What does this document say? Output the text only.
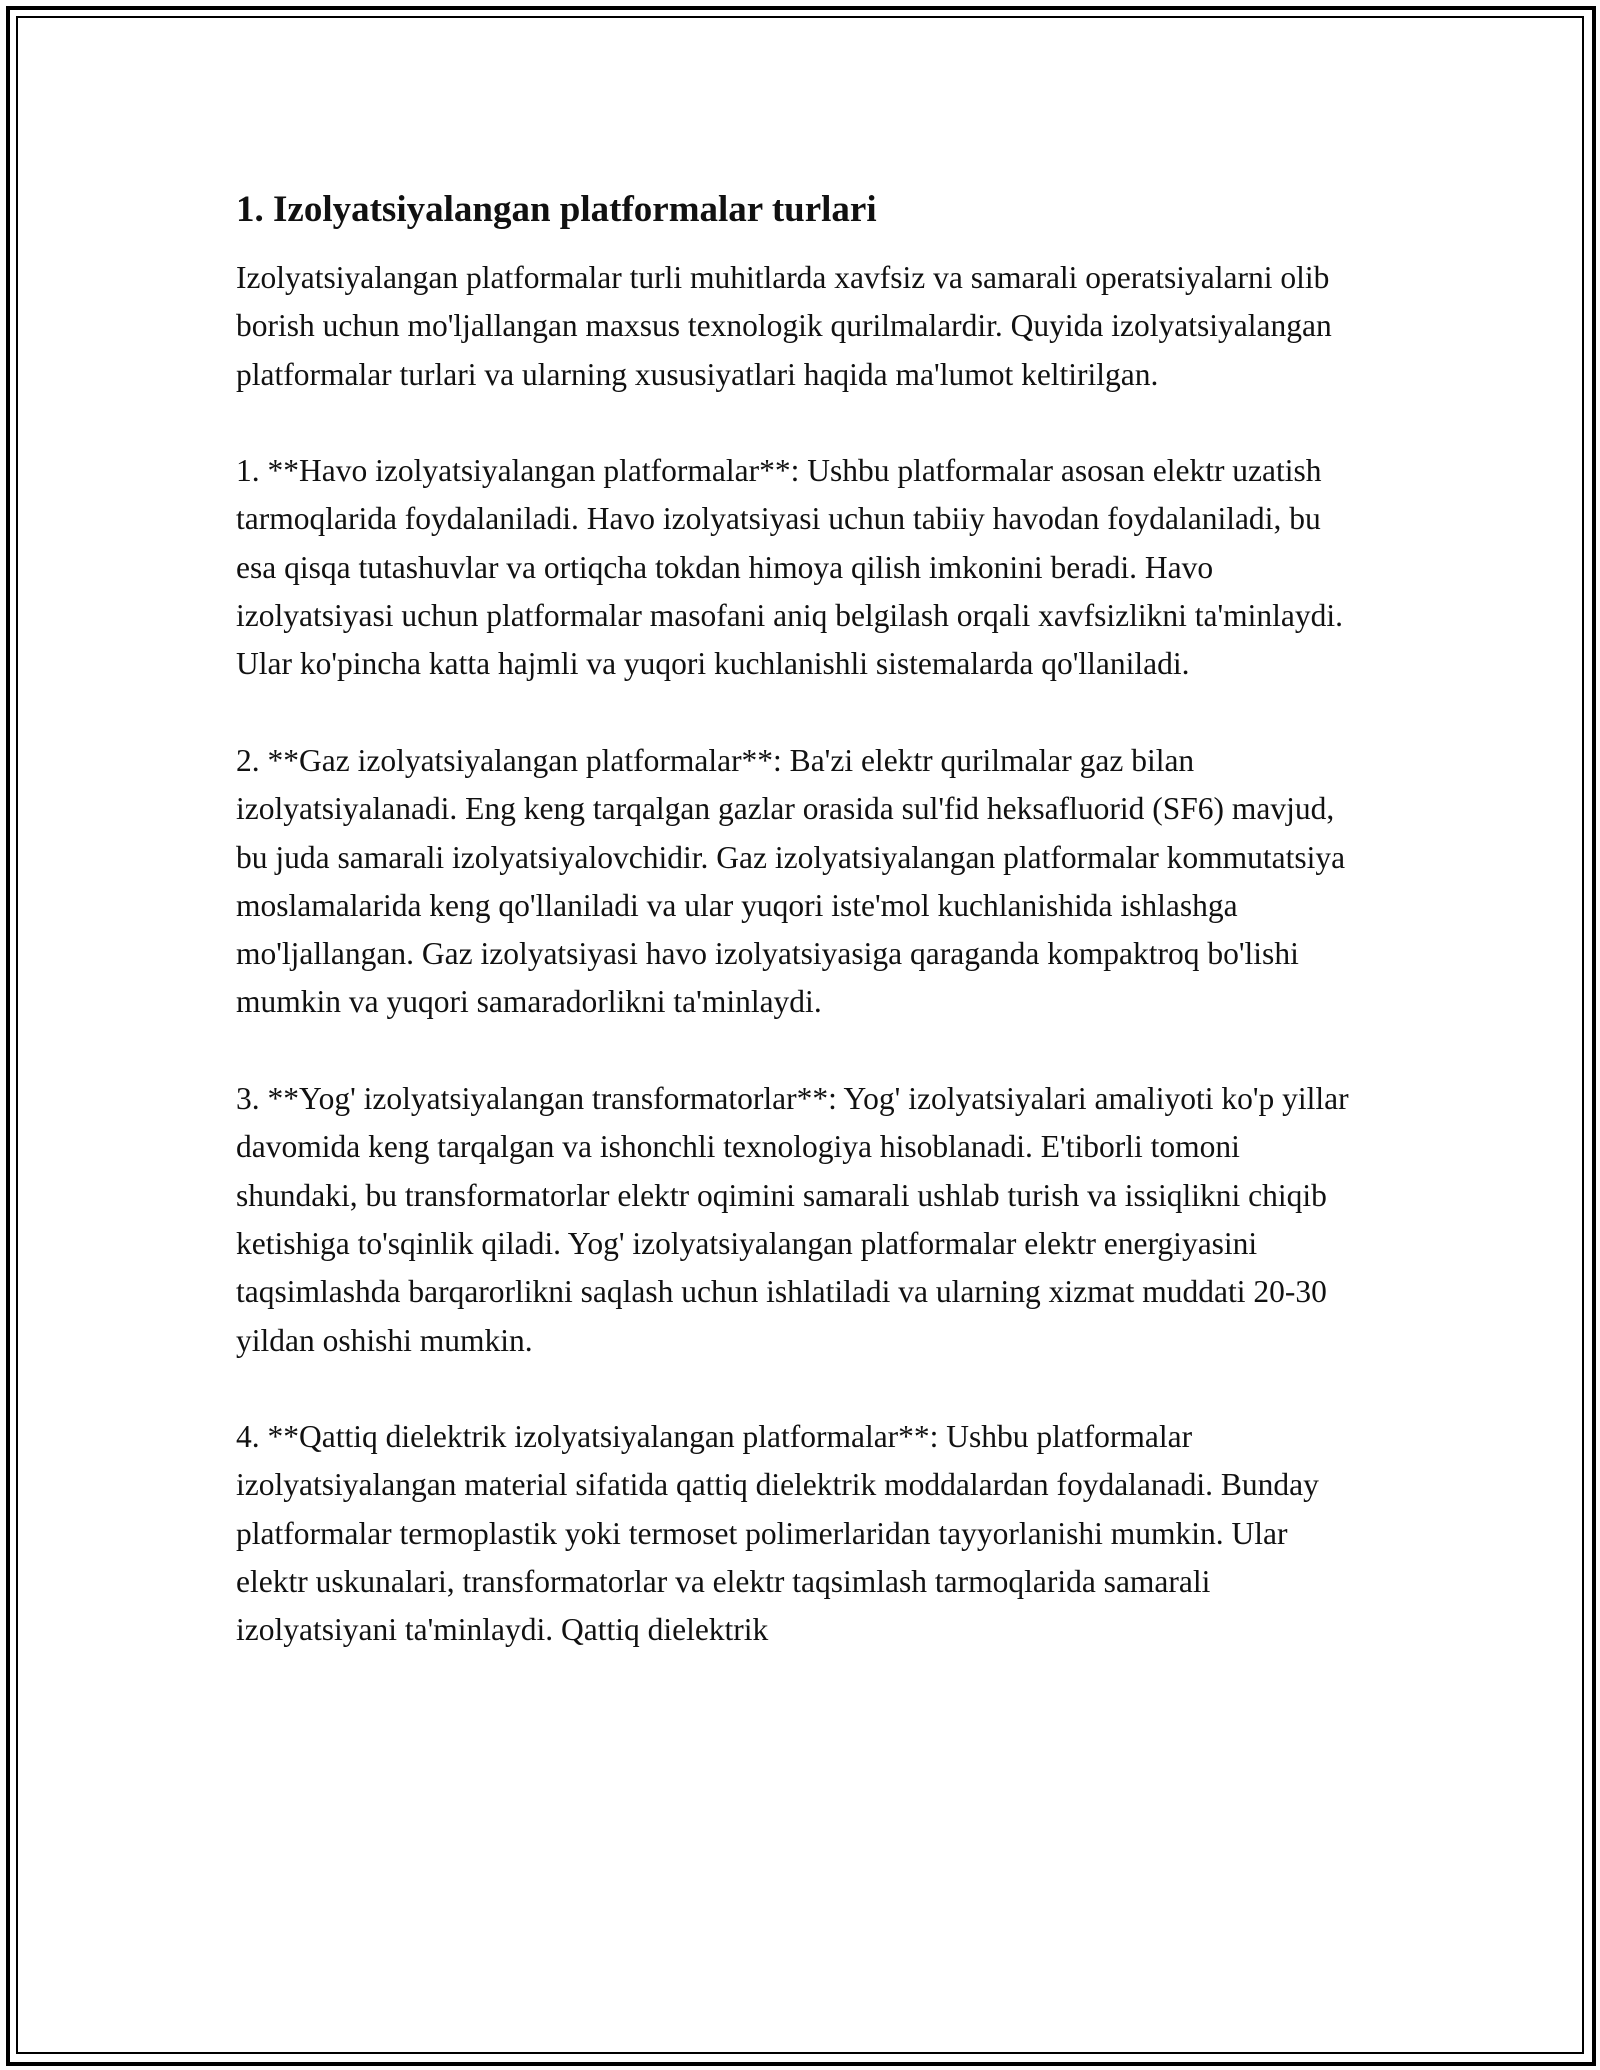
1. Izolyatsiyalangan platformalar turlari

Izolyatsiyalangan platformalar turli muhitlarda xavfsiz va samarali operatsiyalarni olib borish uchun mo'ljallangan maxsus texnologik qurilmalardir. Quyida izolyatsiyalangan platformalar turlari va ularning xususiyatlari haqida ma'lumot keltirilgan.

1. **Havo izolyatsiyalangan platformalar**: Ushbu platformalar asosan elektr uzatish tarmoqlarida foydalaniladi. Havo izolyatsiyasi uchun tabiiy havodan foydalaniladi, bu esa qisqa tutashuvlar va ortiqcha tokdan himoya qilish imkonini beradi. Havo izolyatsiyasi uchun platformalar masofani aniq belgilash orqali xavfsizlikni ta'minlaydi. Ular ko'pincha katta hajmli va yuqori kuchlanishli sistemalarda qo'llaniladi.

2. **Gaz izolyatsiyalangan platformalar**: Ba'zi elektr qurilmalar gaz bilan izolyatsiyalanadi. Eng keng tarqalgan gazlar orasida sul'fid heksafluorid (SF6) mavjud, bu juda samarali izolyatsiyalovchidir. Gaz izolyatsiyalangan platformalar kommutatsiya moslamalarida keng qo'llaniladi va ular yuqori iste'mol kuchlanishida ishlashga mo'ljallangan. Gaz izolyatsiyasi havo izolyatsiyasiga qaraganda kompaktroq bo'lishi mumkin va yuqori samaradorlikni ta'minlaydi.

3. **Yog' izolyatsiyalangan transformatorlar**: Yog' izolyatsiyalari amaliyoti ko'p yillar davomida keng tarqalgan va ishonchli texnologiya hisoblanadi. E'tiborli tomoni shundaki, bu transformatorlar elektr oqimini samarali ushlab turish va issiqlikni chiqib ketishiga to'sqinlik qiladi. Yog' izolyatsiyalangan platformalar elektr energiyasini taqsimlashda barqarorlikni saqlash uchun ishlatiladi va ularning xizmat muddati 20-30 yildan oshishi mumkin.

4. **Qattiq dielektrik izolyatsiyalangan platformalar**: Ushbu platformalar izolyatsiyalangan material sifatida qattiq dielektrik moddalardan foydalanadi. Bunday platformalar termoplastik yoki termoset polimerlaridan tayyorlanishi mumkin. Ular elektr uskunalari, transformatorlar va elektr taqsimlash tarmoqlarida samarali izolyatsiyani ta'minlaydi. Qattiq dielektrik
